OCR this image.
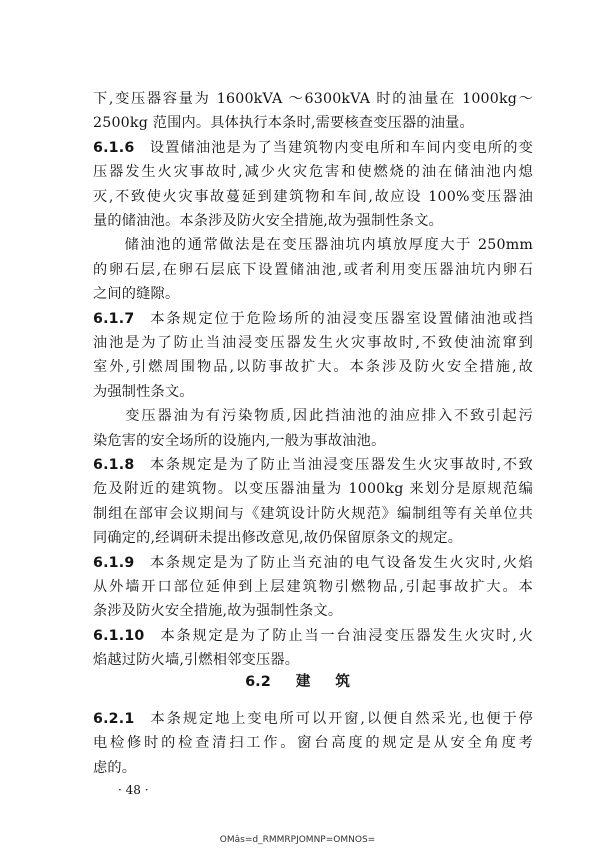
下,变压器容量为 1600kVA ～6300kVA 时的油量在 1000kg～
2500kg 范围内。具体执行本条时,需要核查变压器的油量。
6.1.6  设置储油池是为了当建筑物内变电所和车间内变电所的变
压器发生火灾事故时,减少火灾危害和使燃烧的油在储油池内熄
灭,不致使火灾事故蔓延到建筑物和车间,故应设 100%变压器油
量的储油池。本条涉及防火安全措施,故为强制性条文。
　　储油池的通常做法是在变压器油坑内填放厚度大于 250mm
的卵石层,在卵石层底下设置储油池,或者利用变压器油坑内卵石
之间的缝隙。
6.1.7  本条规定位于危险场所的油浸变压器室设置储油池或挡
油池是为了防止当油浸变压器发生火灾事故时,不致使油流窜到
室外,引燃周围物品,以防事故扩大。本条涉及防火安全措施,故
为强制性条文。
　　变压器油为有污染物质,因此挡油池的油应排入不致引起污
染危害的安全场所的设施内,一般为事故油池。
6.1.8  本条规定是为了防止当油浸变压器发生火灾事故时,不致
危及附近的建筑物。以变压器油量为 1000kg 来划分是原规范编
制组在部审会议期间与《建筑设计防火规范》编制组等有关单位共
同确定的,经调研未提出修改意见,故仍保留原条文的规定。
6.1.9  本条规定是为了防止当充油的电气设备发生火灾时,火焰
从外墙开口部位延伸到上层建筑物引燃物品,引起事故扩大。本
条涉及防火安全措施,故为强制性条文。
6.1.10  本条规定是为了防止当一台油浸变压器发生火灾时,火
焰越过防火墙,引燃相邻变压器。
6.2 建 筑
6.2.1  本条规定地上变电所可以开窗,以便自然采光,也便于停
电检修时的检查清扫工作。窗台高度的规定是从安全角度考
虑的。
· 48 ·
OMâs=d_RMMRPJOMNP=OMNOS=
